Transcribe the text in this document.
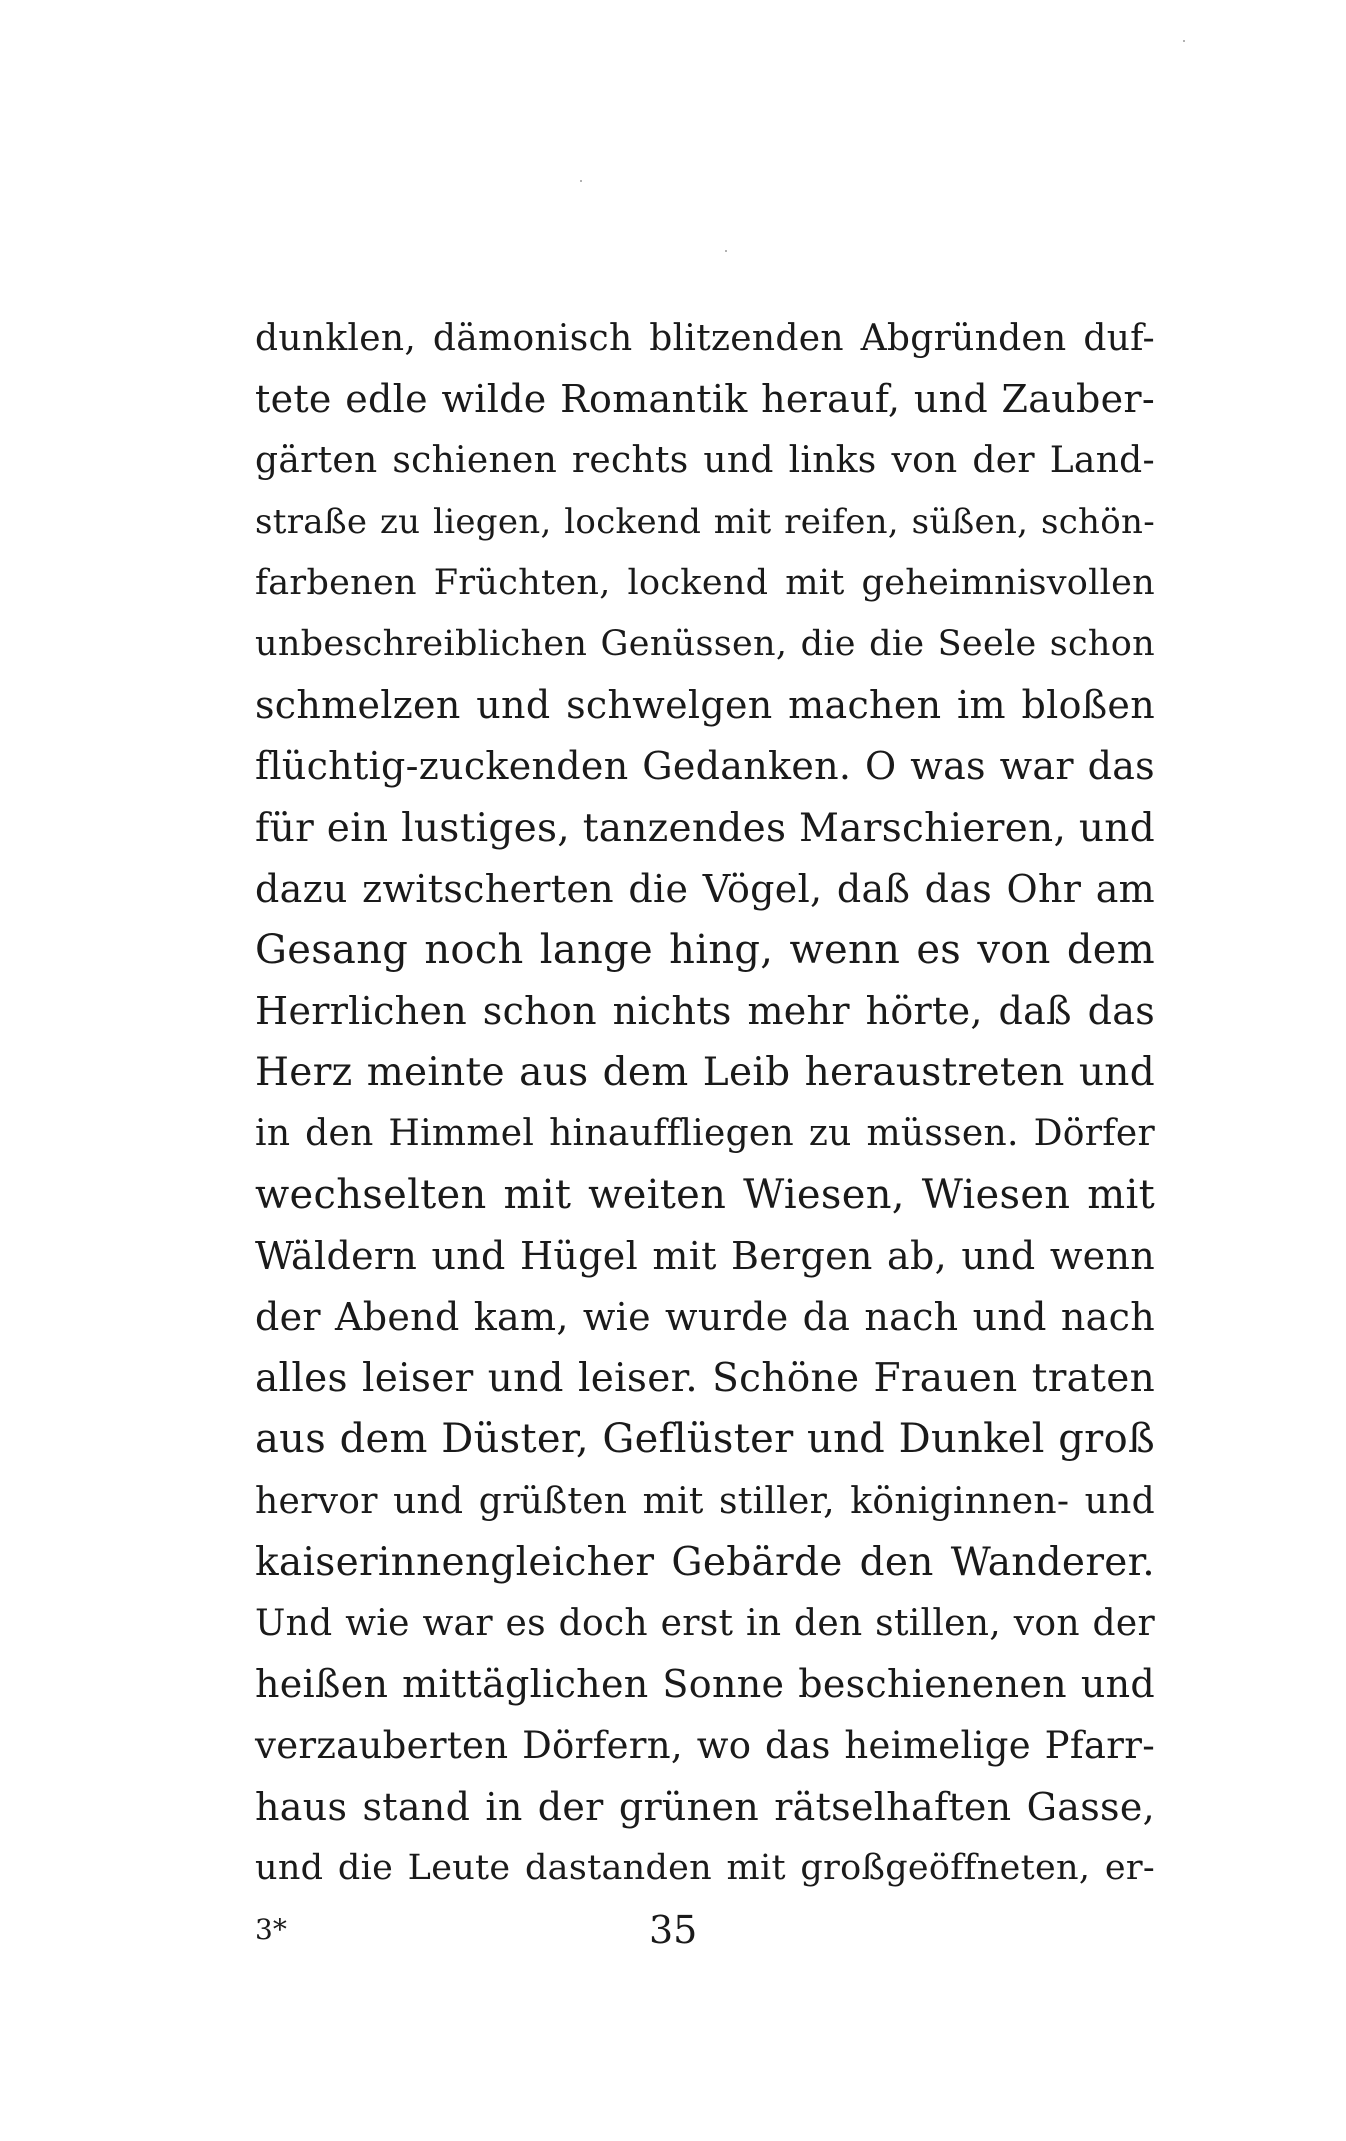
dunklen, dämonisch blitzenden Abgründen duf-
tete edle wilde Romantik herauf, und Zauber-
gärten schienen rechts und links von der Land-
straße zu liegen, lockend mit reifen, süßen, schön-
farbenen Früchten, lockend mit geheimnisvollen
unbeschreiblichen Genüssen, die die Seele schon
schmelzen und schwelgen machen im bloßen
flüchtig-zuckenden Gedanken. O was war das
für ein lustiges, tanzendes Marschieren, und
dazu zwitscherten die Vögel, daß das Ohr am
Gesang noch lange hing, wenn es von dem
Herrlichen schon nichts mehr hörte, daß das
Herz meinte aus dem Leib heraustreten und
in den Himmel hinauffliegen zu müssen. Dörfer
wechselten mit weiten Wiesen, Wiesen mit
Wäldern und Hügel mit Bergen ab, und wenn
der Abend kam, wie wurde da nach und nach
alles leiser und leiser. Schöne Frauen traten
aus dem Düster, Geflüster und Dunkel groß
hervor und grüßten mit stiller, königinnen- und
kaiserinnengleicher Gebärde den Wanderer.
Und wie war es doch erst in den stillen, von der
heißen mittäglichen Sonne beschienenen und
verzauberten Dörfern, wo das heimelige Pfarr-
haus stand in der grünen rätselhaften Gasse,
und die Leute dastanden mit großgeöffneten, er-
3*	35
